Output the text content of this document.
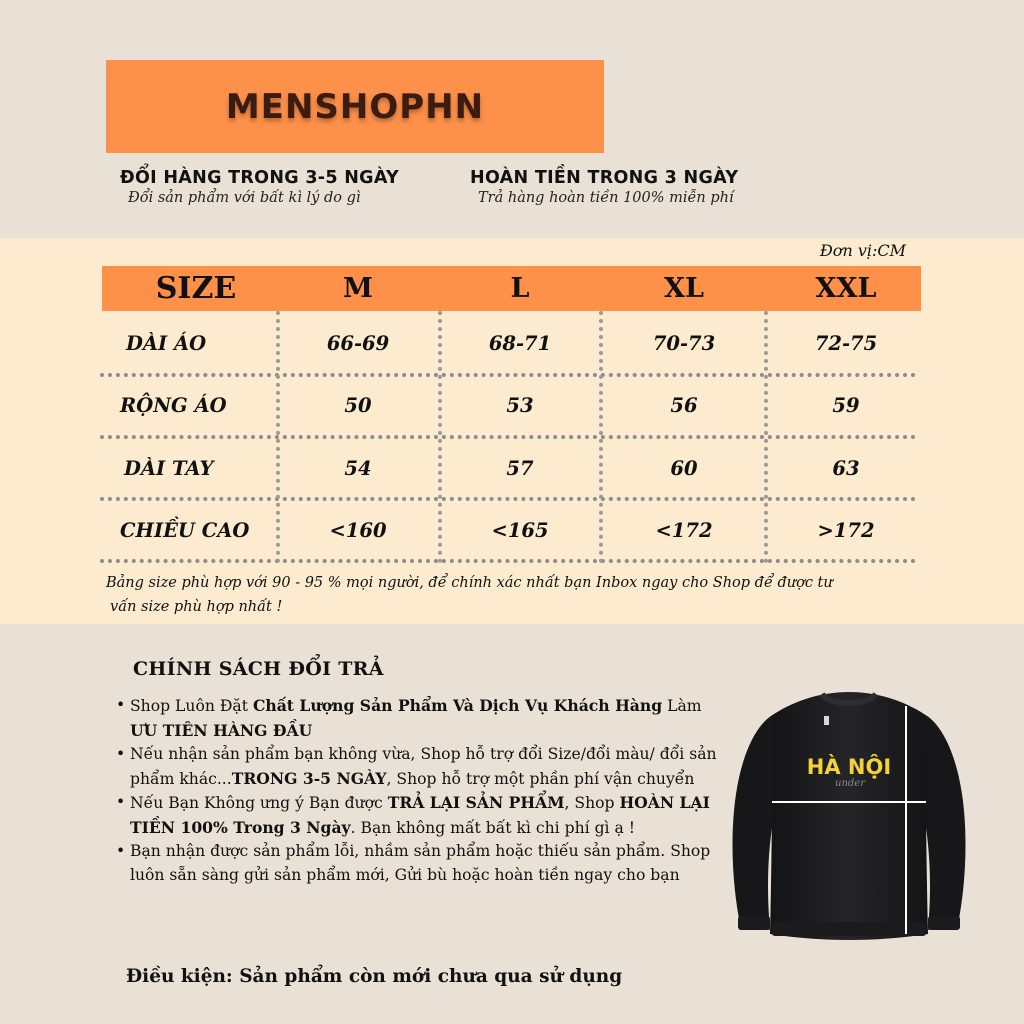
MENSHOPHN
ĐỔI HÀNG TRONG 3-5 NGÀY
Đổi sản phẩm với bất kì lý do gì
HOÀN TIỀN TRONG 3 NGÀY
Trả hàng hoàn tiền 100% miễn phí
Đơn vị:CM
SIZE	M	L	XL	XXL
DÀI ÁO	66-69	68-71	70-73	72-75
RỘNG ÁO	50	53	56	59
DÀI TAY	54	57	60	63
CHIỀU CAO	<160	<165	<172	>172
Bảng size phù hợp với 90 - 95 % mọi người, để chính xác nhất bạn Inbox ngay cho Shop để được tư
vấn size phù hợp nhất !
CHÍNH SÁCH ĐỔI TRẢ
• Shop Luôn Đặt Chất Lượng Sản Phẩm Và Dịch Vụ Khách Hàng Làm ƯU TIÊN HÀNG ĐẦU
• Nếu nhận sản phẩm bạn không vừa, Shop hỗ trợ đổi Size/đổi màu/ đổi sản phẩm khác...TRONG 3-5 NGÀY, Shop hỗ trợ một phần phí vận chuyển
• Nếu Bạn Không ưng ý Bạn được TRẢ LẠI SẢN PHẨM, Shop HOÀN LẠI TIỀN 100% Trong 3 Ngày. Bạn không mất bất kì chi phí gì ạ !
• Bạn nhận được sản phẩm lỗi, nhầm sản phẩm hoặc thiếu sản phẩm. Shop luôn sẵn sàng gửi sản phẩm mới, Gửi bù hoặc hoàn tiền ngay cho bạn
Điều kiện: Sản phẩm còn mới chưa qua sử dụng
HÀ NỘI
under
